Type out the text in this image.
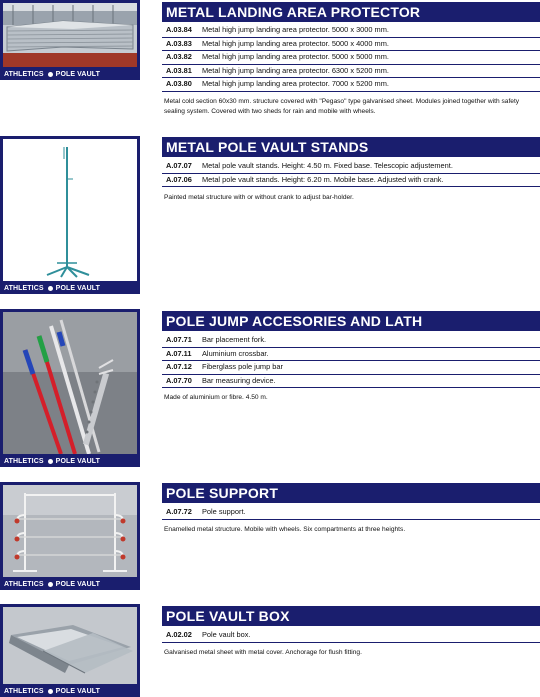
ATHLETICS POLE VAULT
METAL LANDING AREA PROTECTOR
A.03.84 Metal high jump landing area protector. 5000 x 3000 mm.
A.03.83 Metal high jump landing area protector. 5000 x 4000 mm.
A.03.82 Metal high jump landing area protector. 5000 x 5000 mm.
A.03.81 Metal high jump landing area protector. 6300 x 5200 mm.
A.03.80 Metal high jump landing area protector. 7000 x 5200 mm.
Metal cold section 60x30 mm. structure covered with "Pegaso" type galvanised sheet. Modules joined together with safety sealing system. Covered with two sheds for rain and mobile with wheels.
ATHLETICS POLE VAULT
METAL POLE VAULT STANDS
A.07.07 Metal pole vault stands. Height: 4.50 m. Fixed base. Telescopic adjustement.
A.07.06 Metal pole vault stands. Height: 6.20 m. Mobile base. Adjusted with crank.
Painted metal structure with or without crank to adjust bar-holder.
ATHLETICS POLE VAULT
POLE JUMP ACCESORIES AND LATH
A.07.71 Bar placement fork.
A.07.11 Aluminium crossbar.
A.07.12 Fiberglass pole jump bar
A.07.70 Bar measuring device.
Made of aluminium or fibre. 4.50 m.
ATHLETICS POLE VAULT
POLE SUPPORT
A.07.72 Pole support.
Enamelled metal structure. Mobile with wheels. Six compartments at three heights.
ATHLETICS POLE VAULT
POLE VAULT BOX
A.02.02 Pole vault box.
Galvanised metal sheet with metal cover. Anchorage for flush fitting.
